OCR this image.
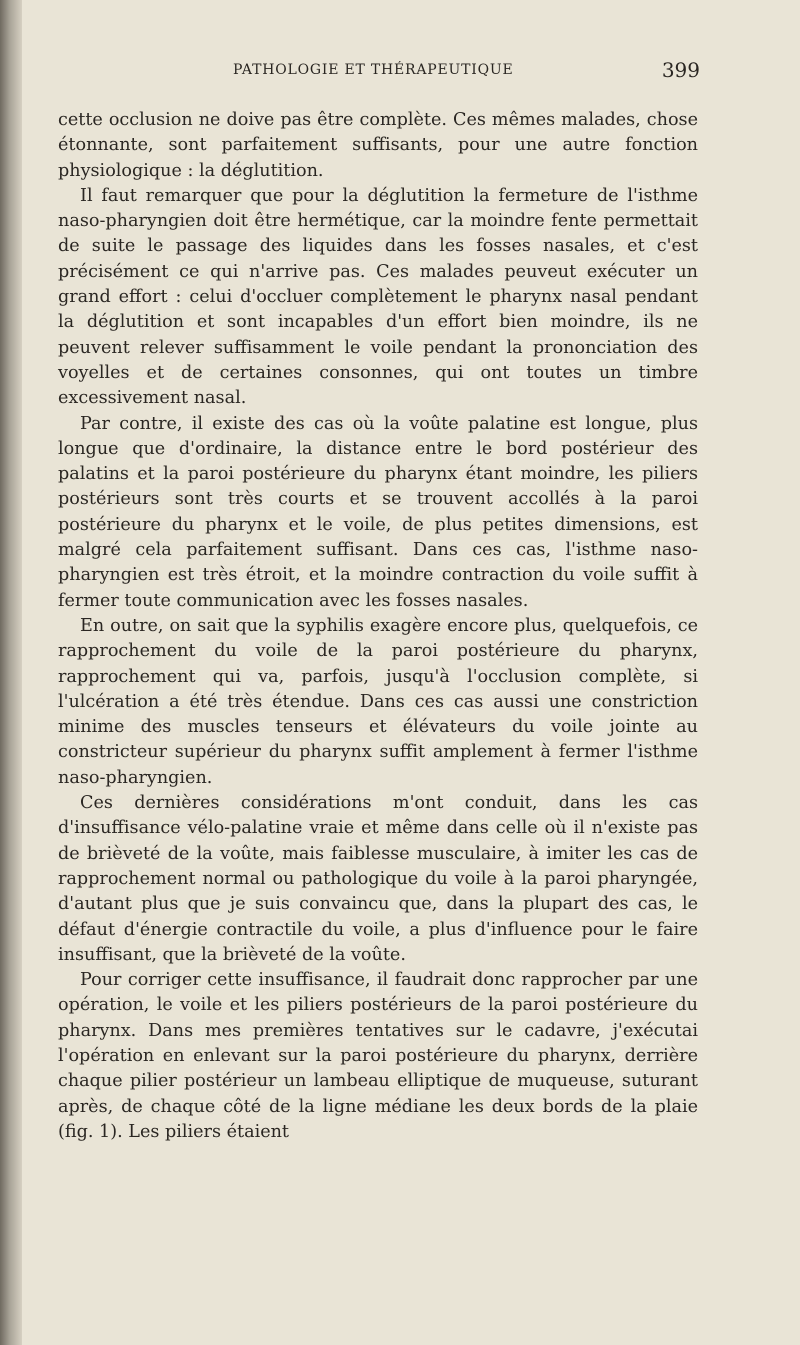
PATHOLOGIE ET THÉRAPEUTIQUE	399

cette occlusion ne doive pas être complète. Ces mêmes malades, chose étonnante, sont parfaitement suffisants, pour une autre fonction physiologique : la déglutition.

Il faut remarquer que pour la déglutition la fermeture de l'isthme naso-pharyngien doit être hermétique, car la moindre fente permettait de suite le passage des liquides dans les fosses nasales, et c'est précisément ce qui n'arrive pas. Ces malades peuveut exécuter un grand effort : celui d'occluer complètement le pharynx nasal pendant la déglutition et sont incapables d'un effort bien moindre, ils ne peuvent relever suffisamment le voile pendant la prononciation des voyelles et de certaines consonnes, qui ont toutes un timbre excessivement nasal.

Par contre, il existe des cas où la voûte palatine est longue, plus longue que d'ordinaire, la distance entre le bord postérieur des palatins et la paroi postérieure du pharynx étant moindre, les piliers postérieurs sont très courts et se trouvent accollés à la paroi postérieure du pharynx et le voile, de plus petites dimensions, est malgré cela parfaitement suffisant. Dans ces cas, l'isthme naso-pharyngien est très étroit, et la moindre contraction du voile suffit à fermer toute communication avec les fosses nasales.

En outre, on sait que la syphilis exagère encore plus, quelquefois, ce rapprochement du voile de la paroi postérieure du pharynx, rapprochement qui va, parfois, jusqu'à l'occlusion complète, si l'ulcération a été très étendue. Dans ces cas aussi une constriction minime des muscles tenseurs et élévateurs du voile jointe au constricteur supérieur du pharynx suffit amplement à fermer l'isthme naso-pharyngien.

Ces dernières considérations m'ont conduit, dans les cas d'insuffisance vélo-palatine vraie et même dans celle où il n'existe pas de brièveté de la voûte, mais faiblesse musculaire, à imiter les cas de rapprochement normal ou pathologique du voile à la paroi pharyngée, d'autant plus que je suis convaincu que, dans la plupart des cas, le défaut d'énergie contractile du voile, a plus d'influence pour le faire insuffisant, que la brièveté de la voûte.

Pour corriger cette insuffisance, il faudrait donc rapprocher par une opération, le voile et les piliers postérieurs de la paroi postérieure du pharynx. Dans mes premières tentatives sur le cadavre, j'exécutai l'opération en enlevant sur la paroi postérieure du pharynx, derrière chaque pilier postérieur un lambeau elliptique de muqueuse, suturant après, de chaque côté de la ligne médiane les deux bords de la plaie (fig. 1). Les piliers étaient
